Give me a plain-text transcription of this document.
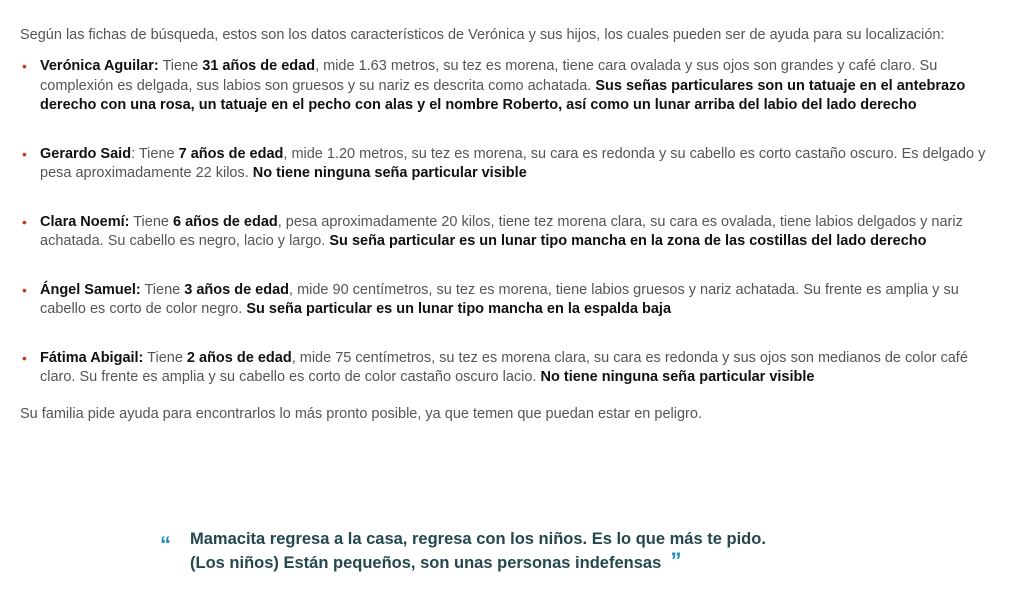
Según las fichas de búsqueda, estos son los datos característicos de Verónica y sus hijos, los cuales pueden ser de ayuda para su localización:

• Verónica Aguilar: Tiene 31 años de edad, mide 1.63 metros, su tez es morena, tiene cara ovalada y sus ojos son grandes y café claro. Su complexión es delgada, sus labios son gruesos y su nariz es descrita como achatada. Sus señas particulares son un tatuaje en el antebrazo derecho con una rosa, un tatuaje en el pecho con alas y el nombre Roberto, así como un lunar arriba del labio del lado derecho
• Gerardo Said: Tiene 7 años de edad, mide 1.20 metros, su tez es morena, su cara es redonda y su cabello es corto castaño oscuro. Es delgado y pesa aproximadamente 22 kilos. No tiene ninguna seña particular visible
• Clara Noemí: Tiene 6 años de edad, pesa aproximadamente 20 kilos, tiene tez morena clara, su cara es ovalada, tiene labios delgados y nariz achatada. Su cabello es negro, lacio y largo. Su seña particular es un lunar tipo mancha en la zona de las costillas del lado derecho
• Ángel Samuel: Tiene 3 años de edad, mide 90 centímetros, su tez es morena, tiene labios gruesos y nariz achatada. Su frente es amplia y su cabello es corto de color negro. Su seña particular es un lunar tipo mancha en la espalda baja
• Fátima Abigail: Tiene 2 años de edad, mide 75 centímetros, su tez es morena clara, su cara es redonda y sus ojos son medianos de color café claro. Su frente es amplia y su cabello es corto de color castaño oscuro lacio. No tiene ninguna seña particular visible

Su familia pide ayuda para encontrarlos lo más pronto posible, ya que temen que puedan estar en peligro.

“	Mamacita regresa a la casa, regresa con los niños. Es lo que más te pido.
(Los niños) Están pequeños, son unas personas indefensas ”
